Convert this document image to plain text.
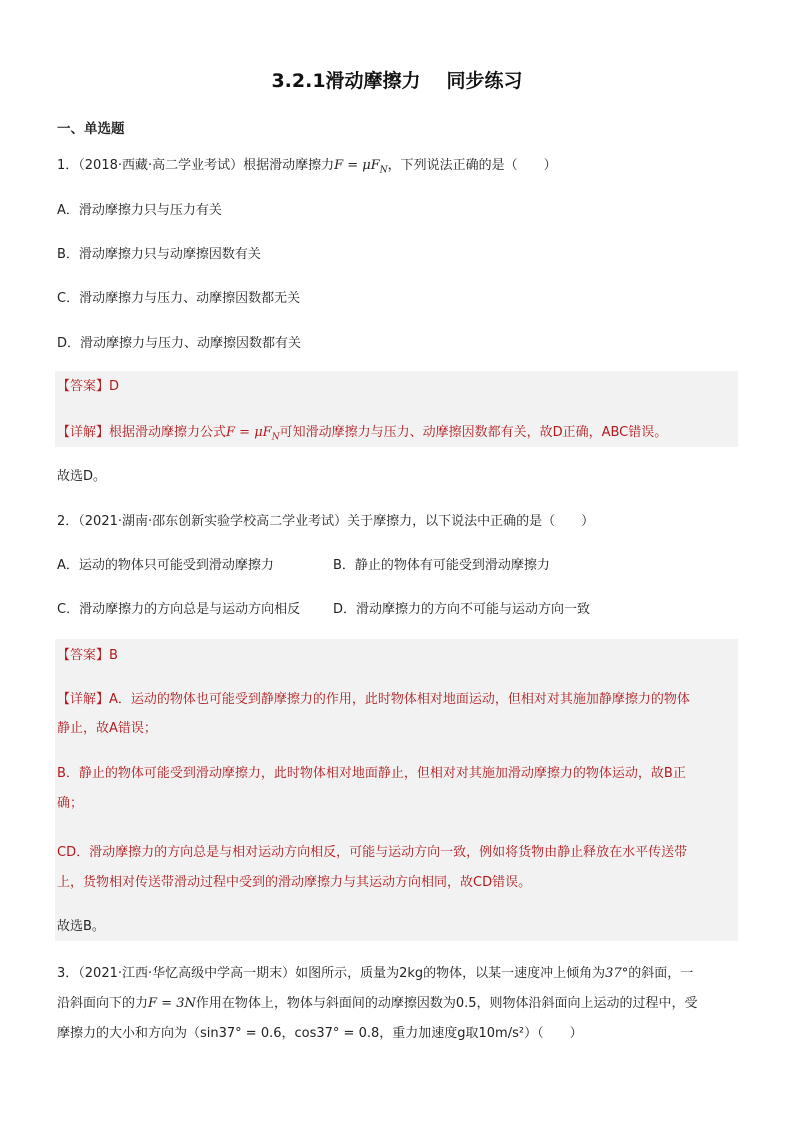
3.2.1滑动摩擦力 同步练习
一、单选题
1．（2018·西藏·高二学业考试）根据滑动摩擦力$F = \mu F_N$，下列说法正确的是（　　）
A．滑动摩擦力只与压力有关
B．滑动摩擦力只与动摩擦因数有关
C．滑动摩擦力与压力、动摩擦因数都无关
D．滑动摩擦力与压力、动摩擦因数都有关
【答案】D
【详解】根据滑动摩擦力公式$F = \mu F_N$可知滑动摩擦力与压力、动摩擦因数都有关，故D正确，ABC错误。
故选D。
2．（2021·湖南·邵东创新实验学校高二学业考试）关于摩擦力，以下说法中正确的是（　　）
A．运动的物体只可能受到滑动摩擦力	B．静止的物体有可能受到滑动摩擦力
C．滑动摩擦力的方向总是与运动方向相反	D．滑动摩擦力的方向不可能与运动方向一致
【答案】B
【详解】A．运动的物体也可能受到静摩擦力的作用，此时物体相对地面运动，但相对对其施加静摩擦力的物体
静止，故A错误；
B．静止的物体可能受到滑动摩擦力，此时物体相对地面静止，但相对对其施加滑动摩擦力的物体运动，故B正
确；
CD．滑动摩擦力的方向总是与相对运动方向相反，可能与运动方向一致，例如将货物由静止释放在水平传送带
上，货物相对传送带滑动过程中受到的滑动摩擦力与其运动方向相同，故CD错误。
故选B。
3．（2021·江西·华忆高级中学高一期末）如图所示，质量为2kg的物体，以某一速度冲上倾角为37°的斜面，一
沿斜面向下的力F = 3N作用在物体上，物体与斜面间的动摩擦因数为0.5，则物体沿斜面向上运动的过程中，受
摩擦力的大小和方向为（sin37° = 0.6，cos37° = 0.8，重力加速度g取10m/s²）（　　）
